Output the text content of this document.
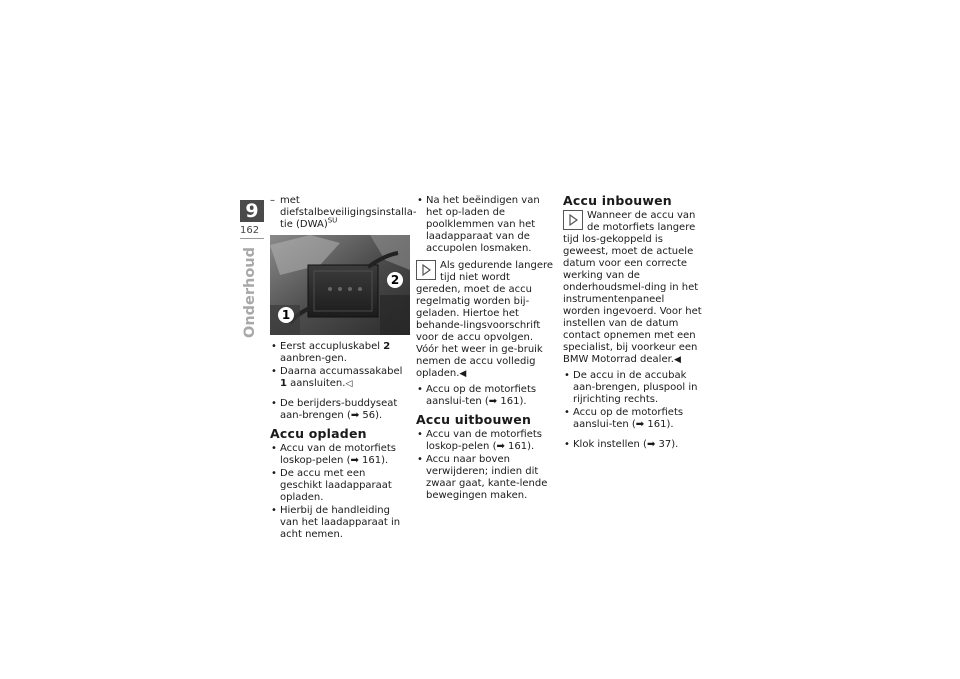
9
162
Onderhoud
– met diefstalbeveiligingsinstalla-tie (DWA)$^{SU}$
1
2
• Eerst accupluskabel 2 aanbren-gen.
• Daarna accumassakabel 1 aansluiten.◁
• De berijders-buddyseat aan-brengen (➡ 56).
Accu opladen
• Accu van de motorfiets loskop-pelen (➡ 161).
• De accu met een geschikt laadapparaat opladen.
• Hierbij de handleiding van het laadapparaat in acht nemen.
• Na het beëindigen van het op-laden de poolklemmen van het laadapparaat van de accupolen losmaken.
Als gedurende langere tijd niet wordt gereden, moet de accu regelmatig worden bij-geladen. Hiertoe het behande-lingsvoorschrift voor de accu opvolgen. Vóór het weer in ge-bruik nemen de accu volledig opladen.◀
• Accu op de motorfiets aanslui-ten (➡ 161).
Accu uitbouwen
• Accu van de motorfiets loskop-pelen (➡ 161).
• Accu naar boven verwijderen; indien dit zwaar gaat, kante-lende bewegingen maken.
Accu inbouwen
Wanneer de accu van de motorfiets langere tijd los-gekoppeld is geweest, moet de actuele datum voor een correcte werking van de onderhoudsmel-ding in het instrumentenpaneel worden ingevoerd. Voor het instellen van de datum contact opnemen met een specialist, bij voorkeur een BMW Motorrad dealer.◀
• De accu in de accubak aan-brengen, pluspool in rijrichting rechts.
• Accu op de motorfiets aanslui-ten (➡ 161).
• Klok instellen (➡ 37).
